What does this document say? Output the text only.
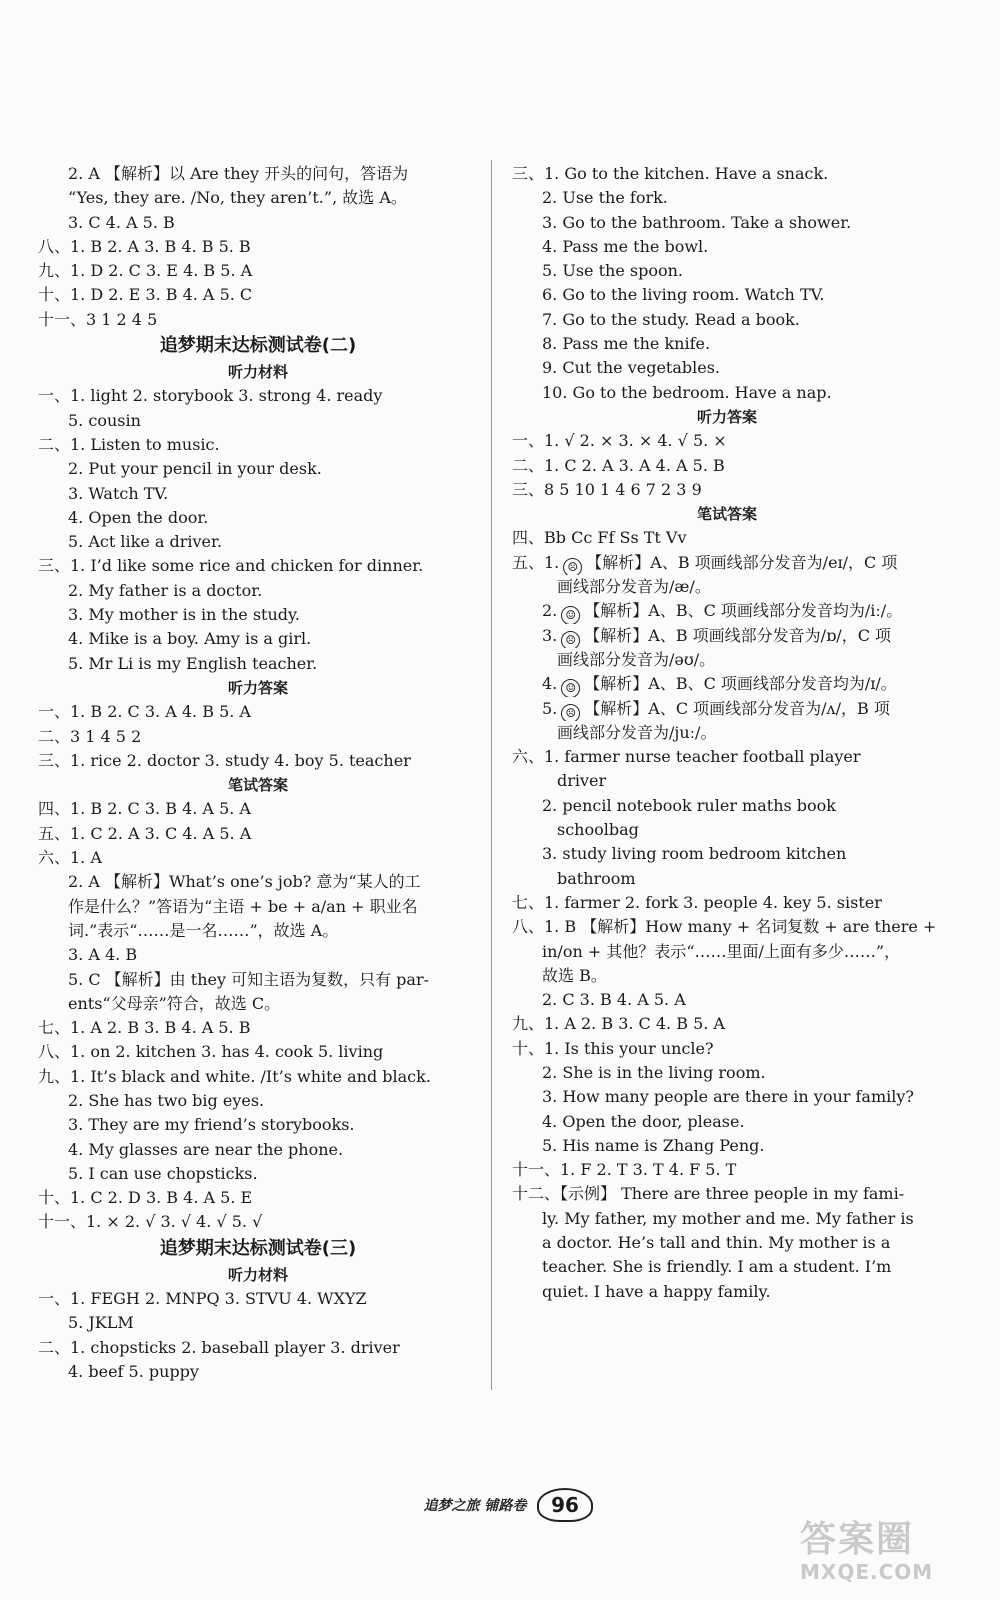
2. A 【解析】以 Are they 开头的问句，答语为
“Yes, they are. /No, they aren’t.”, 故选 A。
3. C 4. A 5. B
八、1. B 2. A 3. B 4. B 5. B
九、1. D 2. C 3. E 4. B 5. A
十、1. D 2. E 3. B 4. A 5. C
十一、3 1 2 4 5
追梦期末达标测试卷(二)
听力材料
一、1. light 2. storybook 3. strong 4. ready
5. cousin
二、1. Listen to music.
2. Put your pencil in your desk.
3. Watch TV.
4. Open the door.
5. Act like a driver.
三、1. I’d like some rice and chicken for dinner.
2. My father is a doctor.
3. My mother is in the study.
4. Mike is a boy. Amy is a girl.
5. Mr Li is my English teacher.
听力答案
一、1. B 2. C 3. A 4. B 5. A
二、3 1 4 5 2
三、1. rice 2. doctor 3. study 4. boy 5. teacher
笔试答案
四、1. B 2. C 3. B 4. A 5. A
五、1. C 2. A 3. C 4. A 5. A
六、1. A
2. A 【解析】What’s one’s job? 意为“某人的工
作是什么？”答语为“主语 + be + a/an + 职业名
词.”表示“……是一名……”，故选 A。
3. A 4. B
5. C 【解析】由 they 可知主语为复数，只有 par-
ents“父母亲”符合，故选 C。
七、1. A 2. B 3. B 4. A 5. B
八、1. on 2. kitchen 3. has 4. cook 5. living
九、1. It’s black and white. /It’s white and black.
2. She has two big eyes.
3. They are my friend’s storybooks.
4. My glasses are near the phone.
5. I can use chopsticks.
十、1. C 2. D 3. B 4. A 5. E
十一、1. × 2. √ 3. √ 4. √ 5. √
追梦期末达标测试卷(三)
听力材料
一、1. FEGH 2. MNPQ 3. STVU 4. WXYZ
5. JKLM
二、1. chopsticks 2. baseball player 3. driver
4. beef 5. puppy
三、1. Go to the kitchen. Have a snack.
2. Use the fork.
3. Go to the bathroom. Take a shower.
4. Pass me the bowl.
5. Use the spoon.
6. Go to the living room. Watch TV.
7. Go to the study. Read a book.
8. Pass me the knife.
9. Cut the vegetables.
10. Go to the bedroom. Have a nap.
听力答案
一、1. √ 2. × 3. × 4. √ 5. ×
二、1. C 2. A 3. A 4. A 5. B
三、8 5 10 1 4 6 7 2 3 9
笔试答案
四、Bb Cc Ff Ss Tt Vv
五、1. ☹ 【解析】A、B 项画线部分发音为/eɪ/，C 项
画线部分发音为/æ/。
2. ☺ 【解析】A、B、C 项画线部分发音均为/iː/。
3. ☹ 【解析】A、B 项画线部分发音为/ɒ/，C 项
画线部分发音为/əʊ/。
4. ☺ 【解析】A、B、C 项画线部分发音均为/ɪ/。
5. ☹ 【解析】A、C 项画线部分发音为/ʌ/，B 项
画线部分发音为/juː/。
六、1. farmer nurse teacher football player
driver
2. pencil notebook ruler maths book
schoolbag
3. study living room bedroom kitchen
bathroom
七、1. farmer 2. fork 3. people 4. key 5. sister
八、1. B 【解析】How many + 名词复数 + are there +
in/on + 其他？表示“……里面/上面有多少……”，
故选 B。
2. C 3. B 4. A 5. A
九、1. A 2. B 3. C 4. B 5. A
十、1. Is this your uncle?
2. She is in the living room.
3. How many people are there in your family?
4. Open the door, please.
5. His name is Zhang Peng.
十一、1. F 2. T 3. T 4. F 5. T
十二、【示例】 There are three people in my fami-
ly. My father, my mother and me. My father is
a doctor. He’s tall and thin. My mother is a
teacher. She is friendly. I am a student. I’m
quiet. I have a happy family.
追梦之旅 铺路卷	96
答案圈
MXQE.COM
